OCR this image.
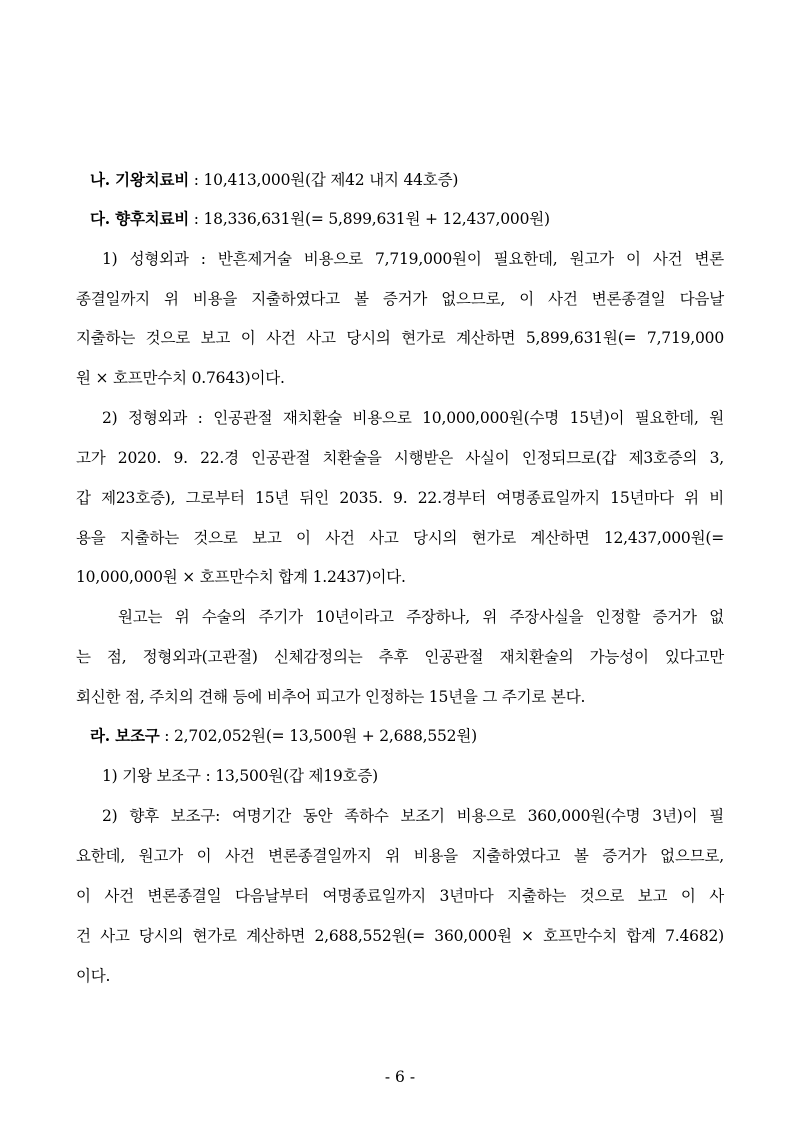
나. 기왕치료비 : 10,413,000원(갑 제42 내지 44호증)
다. 향후치료비 : 18,336,631원(= 5,899,631원 + 12,437,000원)
1) 성형외과 : 반흔제거술 비용으로 7,719,000원이 필요한데, 원고가 이 사건 변론
종결일까지 위 비용을 지출하였다고 볼 증거가 없으므로, 이 사건 변론종결일 다음날
지출하는 것으로 보고 이 사건 사고 당시의 현가로 계산하면 5,899,631원(= 7,719,000
원 × 호프만수치 0.7643)이다.
2) 정형외과 : 인공관절 재치환술 비용으로 10,000,000원(수명 15년)이 필요한데, 원
고가 2020. 9. 22.경 인공관절 치환술을 시행받은 사실이 인정되므로(갑 제3호증의 3,
갑 제23호증), 그로부터 15년 뒤인 2035. 9. 22.경부터 여명종료일까지 15년마다 위 비
용을 지출하는 것으로 보고 이 사건 사고 당시의 현가로 계산하면 12,437,000원(=
10,000,000원 × 호프만수치 합계 1.2437)이다.
원고는 위 수술의 주기가 10년이라고 주장하나, 위 주장사실을 인정할 증거가 없
는 점, 정형외과(고관절) 신체감정의는 추후 인공관절 재치환술의 가능성이 있다고만
회신한 점, 주치의 견해 등에 비추어 피고가 인정하는 15년을 그 주기로 본다.
라. 보조구 : 2,702,052원(= 13,500원 + 2,688,552원)
1) 기왕 보조구 : 13,500원(갑 제19호증)
2) 향후 보조구: 여명기간 동안 족하수 보조기 비용으로 360,000원(수명 3년)이 필
요한데, 원고가 이 사건 변론종결일까지 위 비용을 지출하였다고 볼 증거가 없으므로,
이 사건 변론종결일 다음날부터 여명종료일까지 3년마다 지출하는 것으로 보고 이 사
건 사고 당시의 현가로 계산하면 2,688,552원(= 360,000원 × 호프만수치 합계 7.4682)
이다.
- 6 -
